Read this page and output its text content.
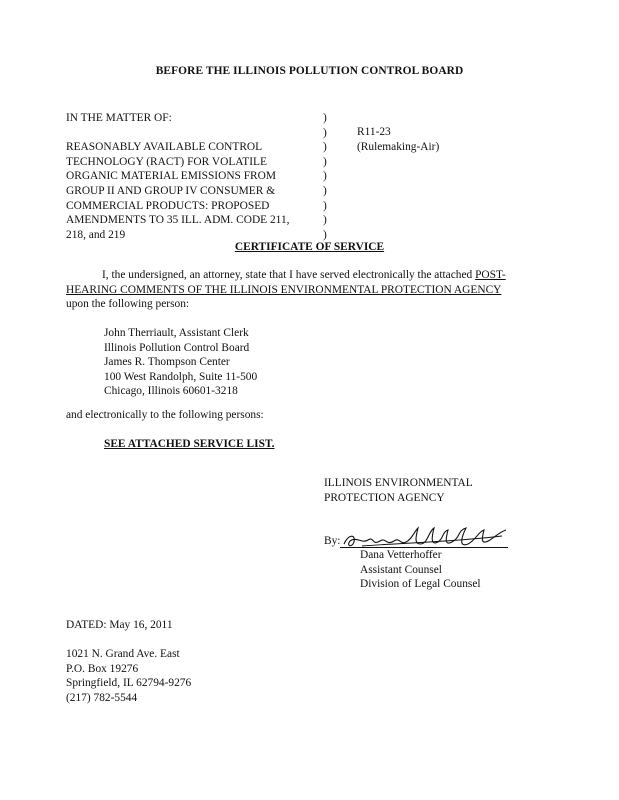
BEFORE THE ILLINOIS POLLUTION CONTROL BOARD
IN THE MATTER OF:
REASONABLY AVAILABLE CONTROL
TECHNOLOGY (RACT) FOR VOLATILE
ORGANIC MATERIAL EMISSIONS FROM
GROUP II AND GROUP IV CONSUMER &
COMMERCIAL PRODUCTS: PROPOSED
AMENDMENTS TO 35 ILL. ADM. CODE 211,
218, and 219
)
)
)
)
)
)
)
)
)
R11-23
(Rulemaking-Air)
CERTIFICATE OF SERVICE
I, the undersigned, an attorney, state that I have served electronically the attached POST-
HEARING COMMENTS OF THE ILLINOIS ENVIRONMENTAL PROTECTION AGENCY
upon the following person:
John Therriault, Assistant Clerk
Illinois Pollution Control Board
James R. Thompson Center
100 West Randolph, Suite 11-500
Chicago, Illinois 60601-3218
and electronically to the following persons:
SEE ATTACHED SERVICE LIST.
ILLINOIS ENVIRONMENTAL
PROTECTION AGENCY
By:
Dana Vetterhoffer
Assistant Counsel
Division of Legal Counsel
DATED: May 16, 2011
1021 N. Grand Ave. East
P.O. Box 19276
Springfield, IL 62794-9276
(217) 782-5544
